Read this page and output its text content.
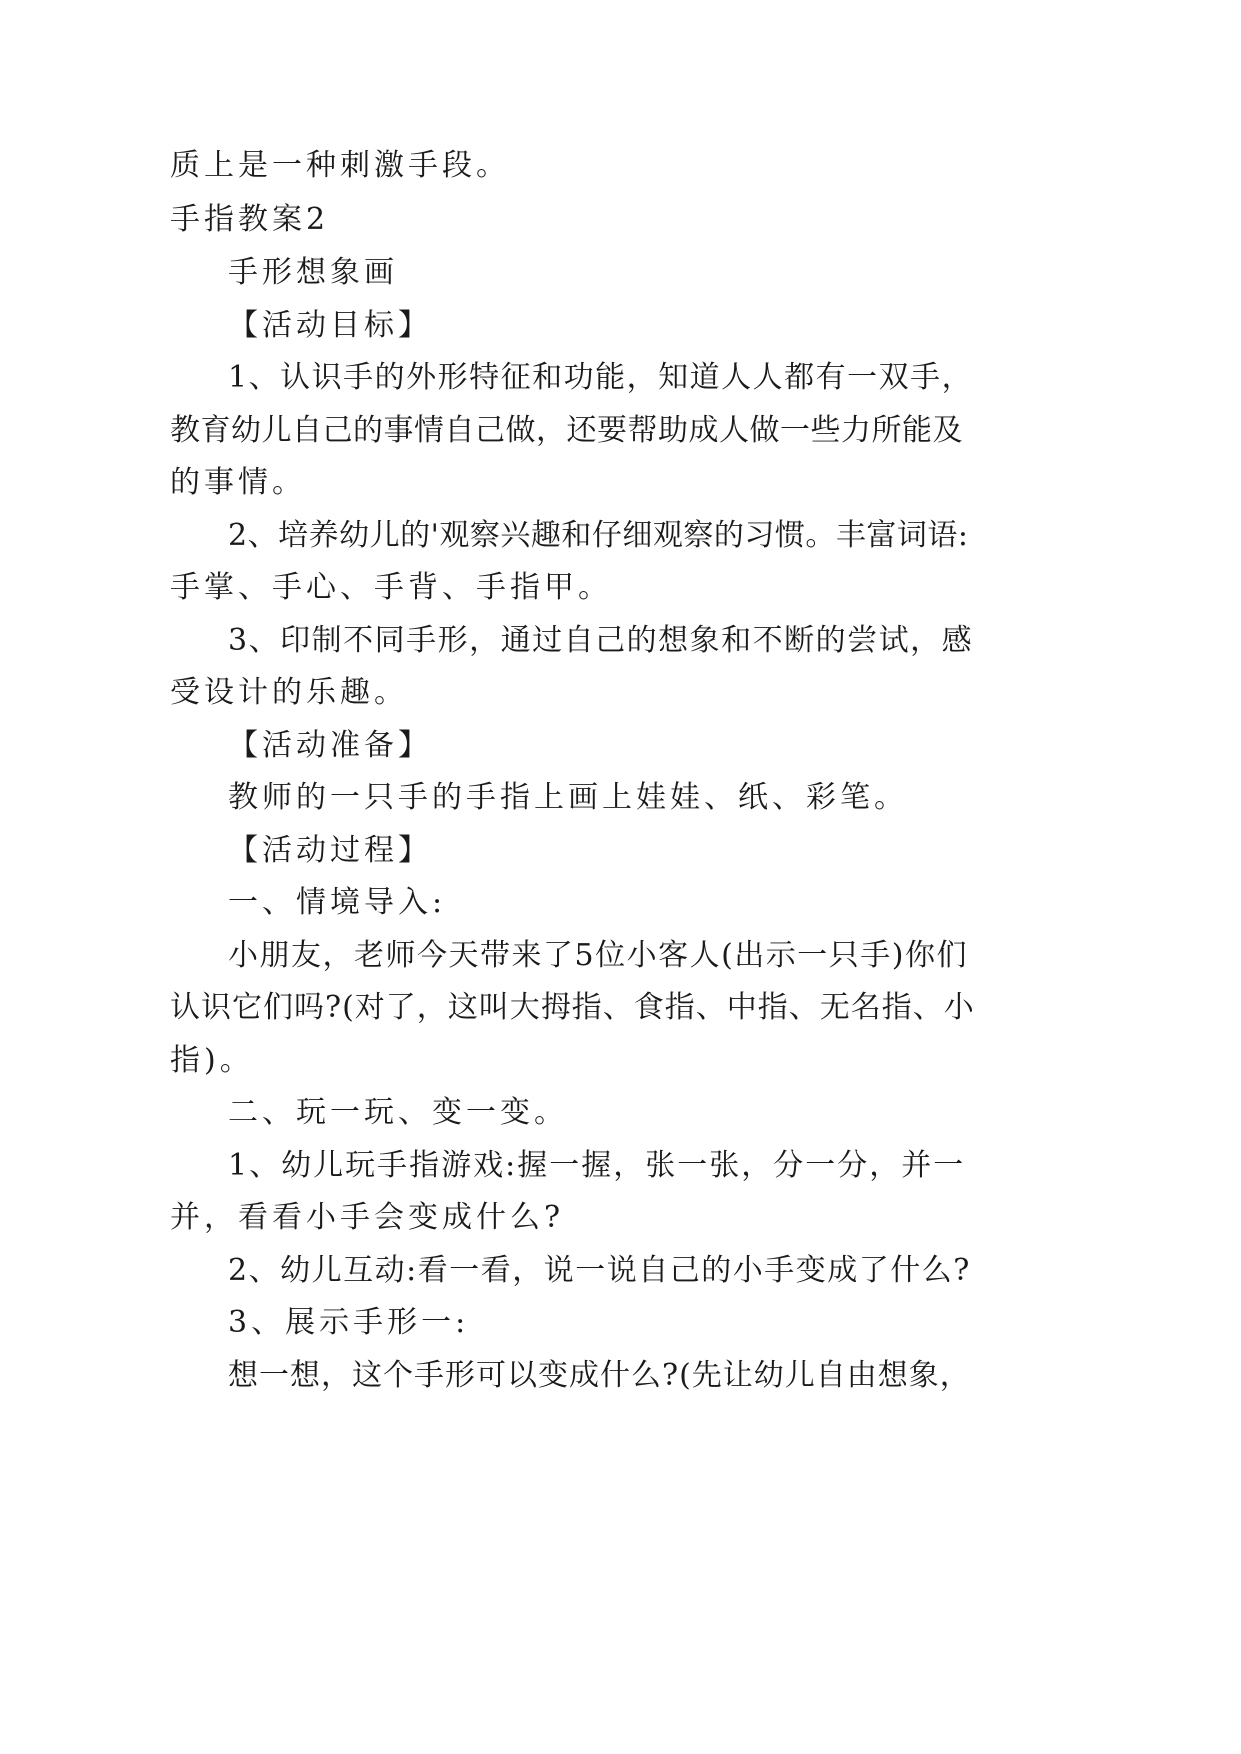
质上是一种刺激手段。
手指教案2
手形想象画
【活动目标】
1、认识手的外形特征和功能，知道人人都有一双手，
教育幼儿自己的事情自己做，还要帮助成人做一些力所能及
的事情。
2、培养幼儿的'观察兴趣和仔细观察的习惯。丰富词语:
手掌、手心、手背、手指甲。
3、印制不同手形，通过自己的想象和不断的尝试，感
受设计的乐趣。
【活动准备】
教师的一只手的手指上画上娃娃、纸、彩笔。
【活动过程】
一、情境导入:
小朋友，老师今天带来了5位小客人(出示一只手)你们
认识它们吗?(对了，这叫大拇指、食指、中指、无名指、小
指)。
二、玩一玩、变一变。
1、幼儿玩手指游戏:握一握，张一张，分一分，并一
并，看看小手会变成什么?
2、幼儿互动:看一看，说一说自己的小手变成了什么?
3、展示手形一:
想一想，这个手形可以变成什么?(先让幼儿自由想象，
